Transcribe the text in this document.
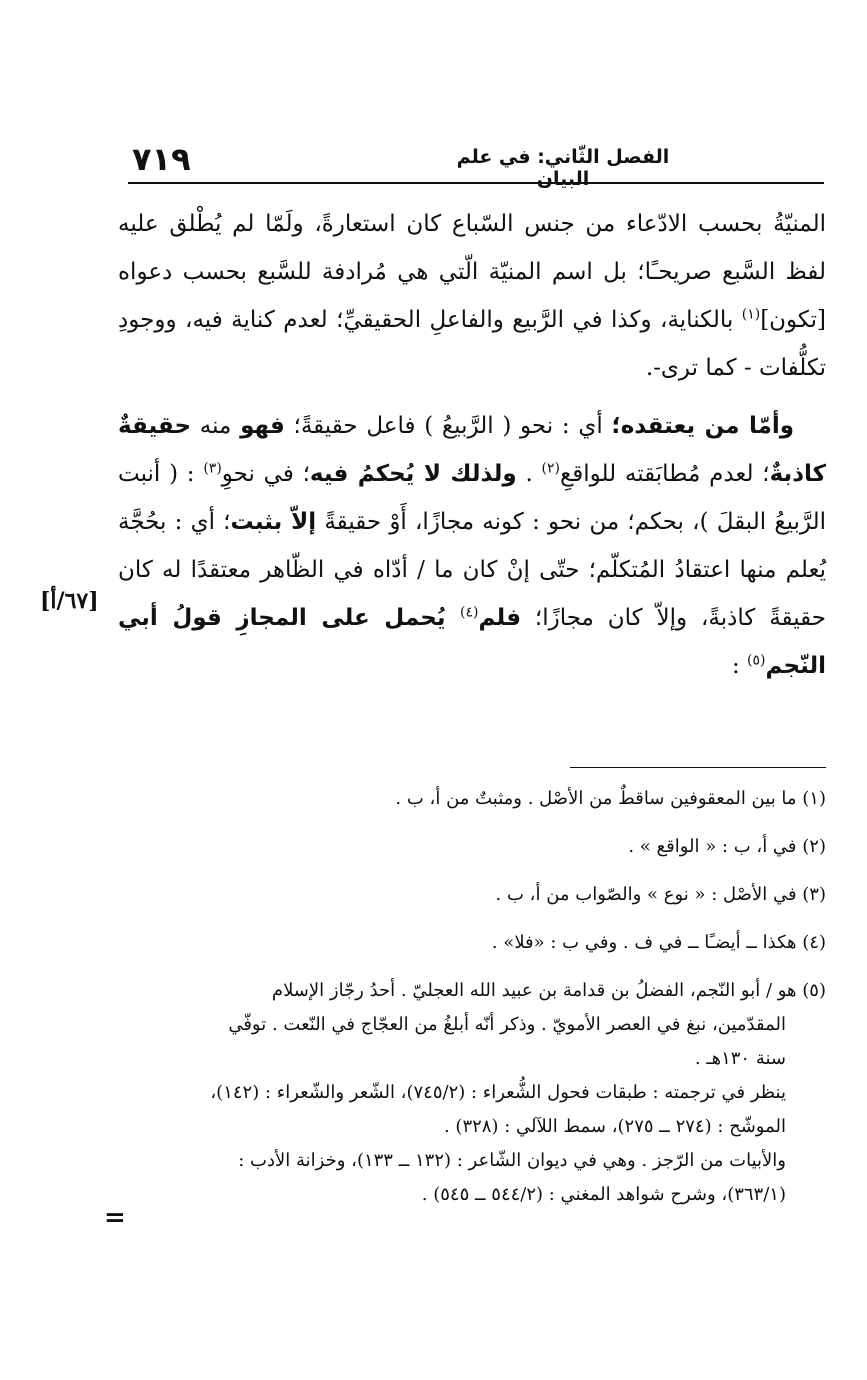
٧١٩	الفصل الثّاني: في علم البيان

المنيّةُ بحسب الادّعاء من جنس السّباع كان استعارةً، ولَمّا لم يُطْلق عليه لفظ السَّبع صريحـًا؛ بل اسم المنيّة الّتي هي مُرادفة للسَّبع بحسب دعواه [تكون]$^{(١)}$ بالكناية، وكذا في الرَّبيع والفاعلِ الحقيقيِّ؛ لعدم كناية فيه، ووجودِ تكلُّفات - كما ترى-.

وأمّا من يعتقده؛ أي : نحو ( الرَّبيعُ ) فاعل حقيقةً؛ فهو منه حقيقةٌ كاذبةٌ؛ لعدم مُطابَقته للواقعِ$^{(٢)}$ . ولذلك لا يُحكمُ فيه؛ في نحوِ$^{(٣)}$ : ( أنبت الرَّبيعُ البقلَ )، بحكم؛ من نحو : كونه مجازًا، أَوْ حقيقةً إلاّ بثبت؛ أي : بحُجَّة يُعلم منها اعتقادُ المُتكلّم؛ حتّى إنْ كان ما / أدّاه في الظّاهر معتقدًا له كان حقيقةً كاذبةً، وإلاّ كان مجازًا؛ فلم$^{(٤)}$ يُحمل على المجازِ قولُ أبي النّجم$^{(٥)}$ :

[٦٧/أ]
(١) ما بين المعقوفين ساقطٌ من الأصْل . ومثبتٌ من أ، ب .
(٢) في أ، ب : « الواقع » .
(٣) في الأصْل : « نوع » والصّواب من أ، ب .
(٤) هكذا ــ أيضـًا ــ في ف . وفي ب : «فلا» .
(٥) هو / أبو النّجم، الفضلُ بن قدامة بن عبيد الله العجليّ . أحدُ رجّاز الإسلام
المقدّمين، نبغ في العصر الأمويّ . وذكر أنّه أبلغُ من العجّاج في النّعت . توفّي
سنة ١٣٠هـ .
ينظر في ترجمته : طبقات فحول الشُّعراء : (٧٤٥/٢)، الشّعر والشّعراء : (١٤٢)،
الموشّح : (٢٧٤ ــ ٢٧٥)، سمط اللآلي : (٣٢٨) .
والأبيات من الرّجز . وهي في ديوان الشّاعر : (١٣٢ ــ ١٣٣)، وخزانة الأدب :
(٣٦٣/١)، وشرح شواهد المغني : (٥٤٤/٢ ــ ٥٤٥) .
=
